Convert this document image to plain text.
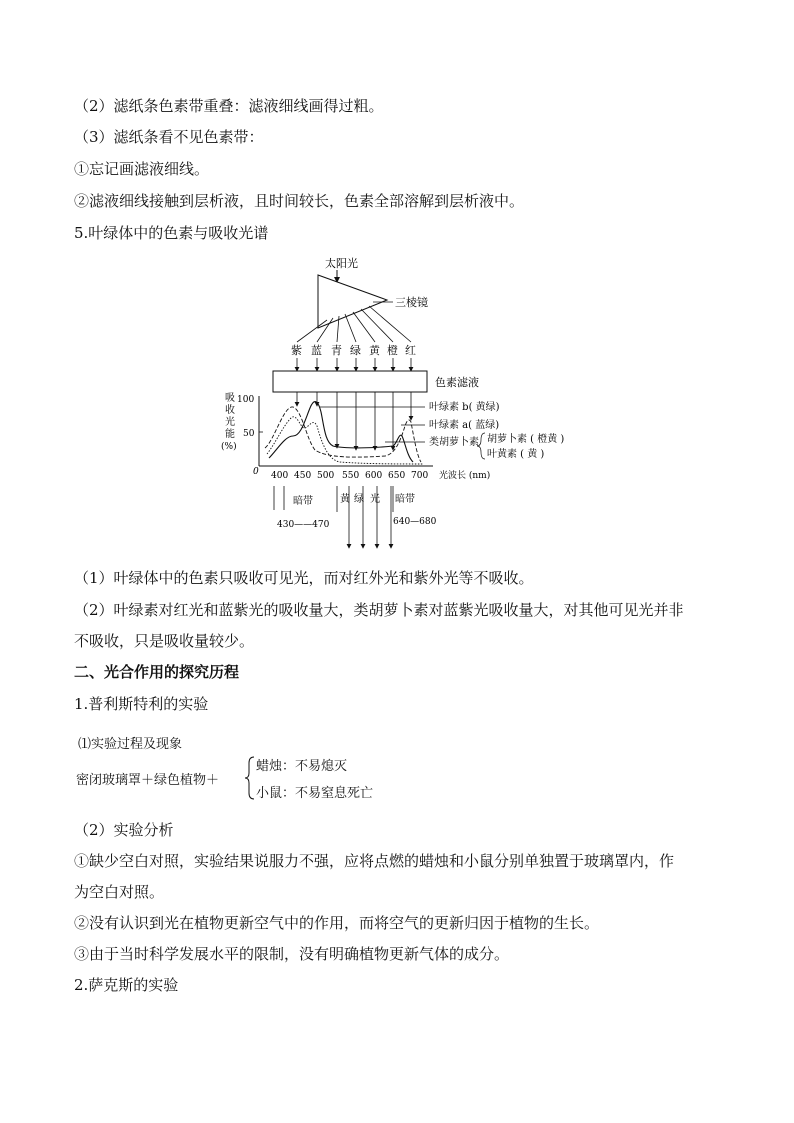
（2）滤纸条色素带重叠：滤液细线画得过粗。
（3）滤纸条看不见色素带：
①忘记画滤液细线。
②滤液细线接触到层析液，且时间较长，色素全部溶解到层析液中。
5.叶绿体中的色素与吸收光谱
太阳光
三棱镜
紫 蓝 青 绿 黄 橙 红
色素滤液
吸
收
光
能
(%)
100
50
0 400 450 500 550 600 650 700 光波长 (nm)
叶绿素 b( 黄绿)
叶绿素 a( 蓝绿)
类胡萝卜素 胡萝卜素 ( 橙黄 )
叶黄素 ( 黄 )
暗带
430——470
黄 绿 光 暗带
640—680
（1）叶绿体中的色素只吸收可见光，而对红外光和紫外光等不吸收。
（2）叶绿素对红光和蓝紫光的吸收量大，类胡萝卜素对蓝紫光吸收量大，对其他可见光并非
不吸收，只是吸收量较少。
二、光合作用的探究历程
1.普利斯特利的实验
⑴实验过程及现象
密闭玻璃罩＋绿色植物＋
蜡烛：不易熄灭
小鼠：不易窒息死亡
（2）实验分析
①缺少空白对照，实验结果说服力不强，应将点燃的蜡烛和小鼠分别单独置于玻璃罩内，作
为空白对照。
②没有认识到光在植物更新空气中的作用，而将空气的更新归因于植物的生长。
③由于当时科学发展水平的限制，没有明确植物更新气体的成分。
2.萨克斯的实验
